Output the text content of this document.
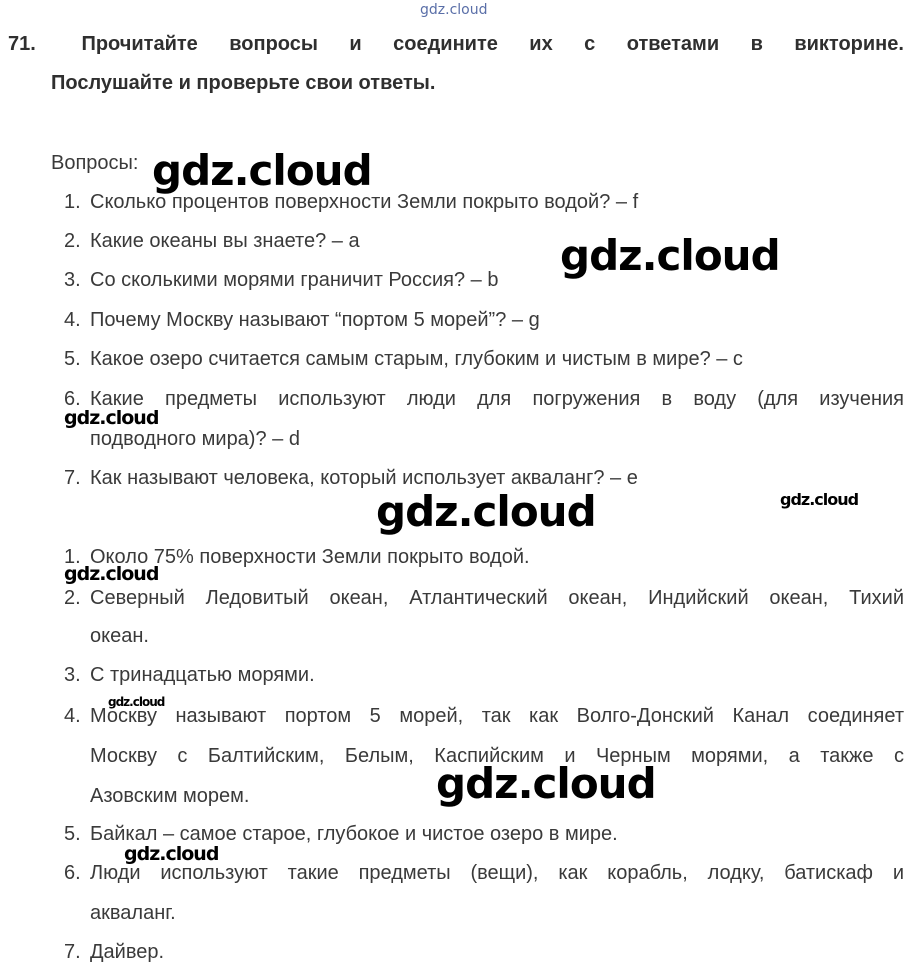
gdz.cloud
71.	Прочитайте вопросы и соедините их с ответами в викторине.
Послушайте и проверьте свои ответы.
Вопросы:
1. Сколько процентов поверхности Земли покрыто водой? – f
2. Какие океаны вы знаете? – a
3. Со сколькими морями граничит Россия? – b
4. Почему Москву называют “портом 5 морей”? – g
5. Какое озеро считается самым старым, глубоким и чистым в мире? – c
6. Какие предметы используют люди для погружения в воду (для изучения
подводного мира)? – d
7. Как называют человека, который использует акваланг? – e
1. Около 75% поверхности Земли покрыто водой.
2. Северный Ледовитый океан, Атлантический океан, Индийский океан, Тихий
океан.
3. С тринадцатью морями.
4. Москву называют портом 5 морей, так как Волго-Донский Канал соединяет
Москву с Балтийским, Белым, Каспийским и Черным морями, а также с
Азовским морем.
5. Байкал – самое старое, глубокое и чистое озеро в мире.
6. Люди используют такие предметы (вещи), как корабль, лодку, батискаф и
акваланг.
7. Дайвер.
gdz.cloud
gdz.cloud
gdz.cloud
gdz.cloud
gdz.cloud
gdz.cloud
gdz.cloud
gdz.cloud
gdz.cloud
